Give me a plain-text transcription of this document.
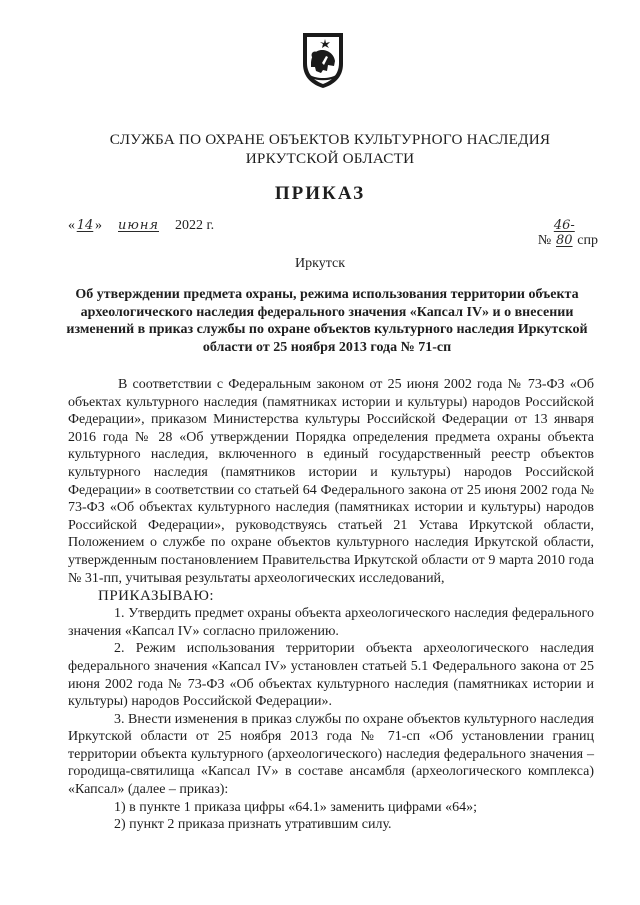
СЛУЖБА ПО ОХРАНЕ ОБЪЕКТОВ КУЛЬТУРНОГО НАСЛЕДИЯ
ИРКУТСКОЙ ОБЛАСТИ
ПРИКАЗ
« 14 » июня 2022 г.
№46-80 спр
Иркутск
Об утверждении предмета охраны, режима использования территории объекта археологического наследия федерального значения «Капсал IV» и о внесении изменений в приказ службы по охране объектов культурного наследия Иркутской области от 25 ноября 2013 года № 71-сп

В соответствии с Федеральным законом от 25 июня 2002 года № 73-ФЗ «Об объектах культурного наследия (памятниках истории и культуры) народов Российской Федерации», приказом Министерства культуры Российской Федерации от 13 января 2016 года № 28 «Об утверждении Порядка определения предмета охраны объекта культурного наследия, включенного в единый государственный реестр объектов культурного наследия (памятников истории и культуры) народов Российской Федерации» в соответствии со статьей 64 Федерального закона от 25 июня 2002 года № 73-ФЗ «Об объектах культурного наследия (памятниках истории и культуры) народов Российской Федерации», руководствуясь статьей 21 Устава Иркутской области, Положением о службе по охране объектов культурного наследия Иркутской области, утвержденным постановлением Правительства Иркутской области от 9 марта 2010 года № 31-пп, учитывая результаты археологических исследований,

ПРИКАЗЫВАЮ:

1. Утвердить предмет охраны объекта археологического наследия федерального значения «Капсал IV» согласно приложению.

2. Режим использования территории объекта археологического наследия федерального значения «Капсал IV» установлен статьей 5.1 Федерального закона от 25 июня 2002 года № 73-ФЗ «Об объектах культурного наследия (памятниках истории и культуры) народов Российской Федерации».

3. Внести изменения в приказ службы по охране объектов культурного наследия Иркутской области от 25 ноября 2013 года № 71-сп «Об установлении границ территории объекта культурного (археологического) наследия федерального значения – городища-святилища «Капсал IV» в составе ансамбля (археологического комплекса) «Капсал» (далее – приказ):

1) в пункте 1 приказа цифры «64.1» заменить цифрами «64»;

2) пункт 2 приказа признать утратившим силу.
